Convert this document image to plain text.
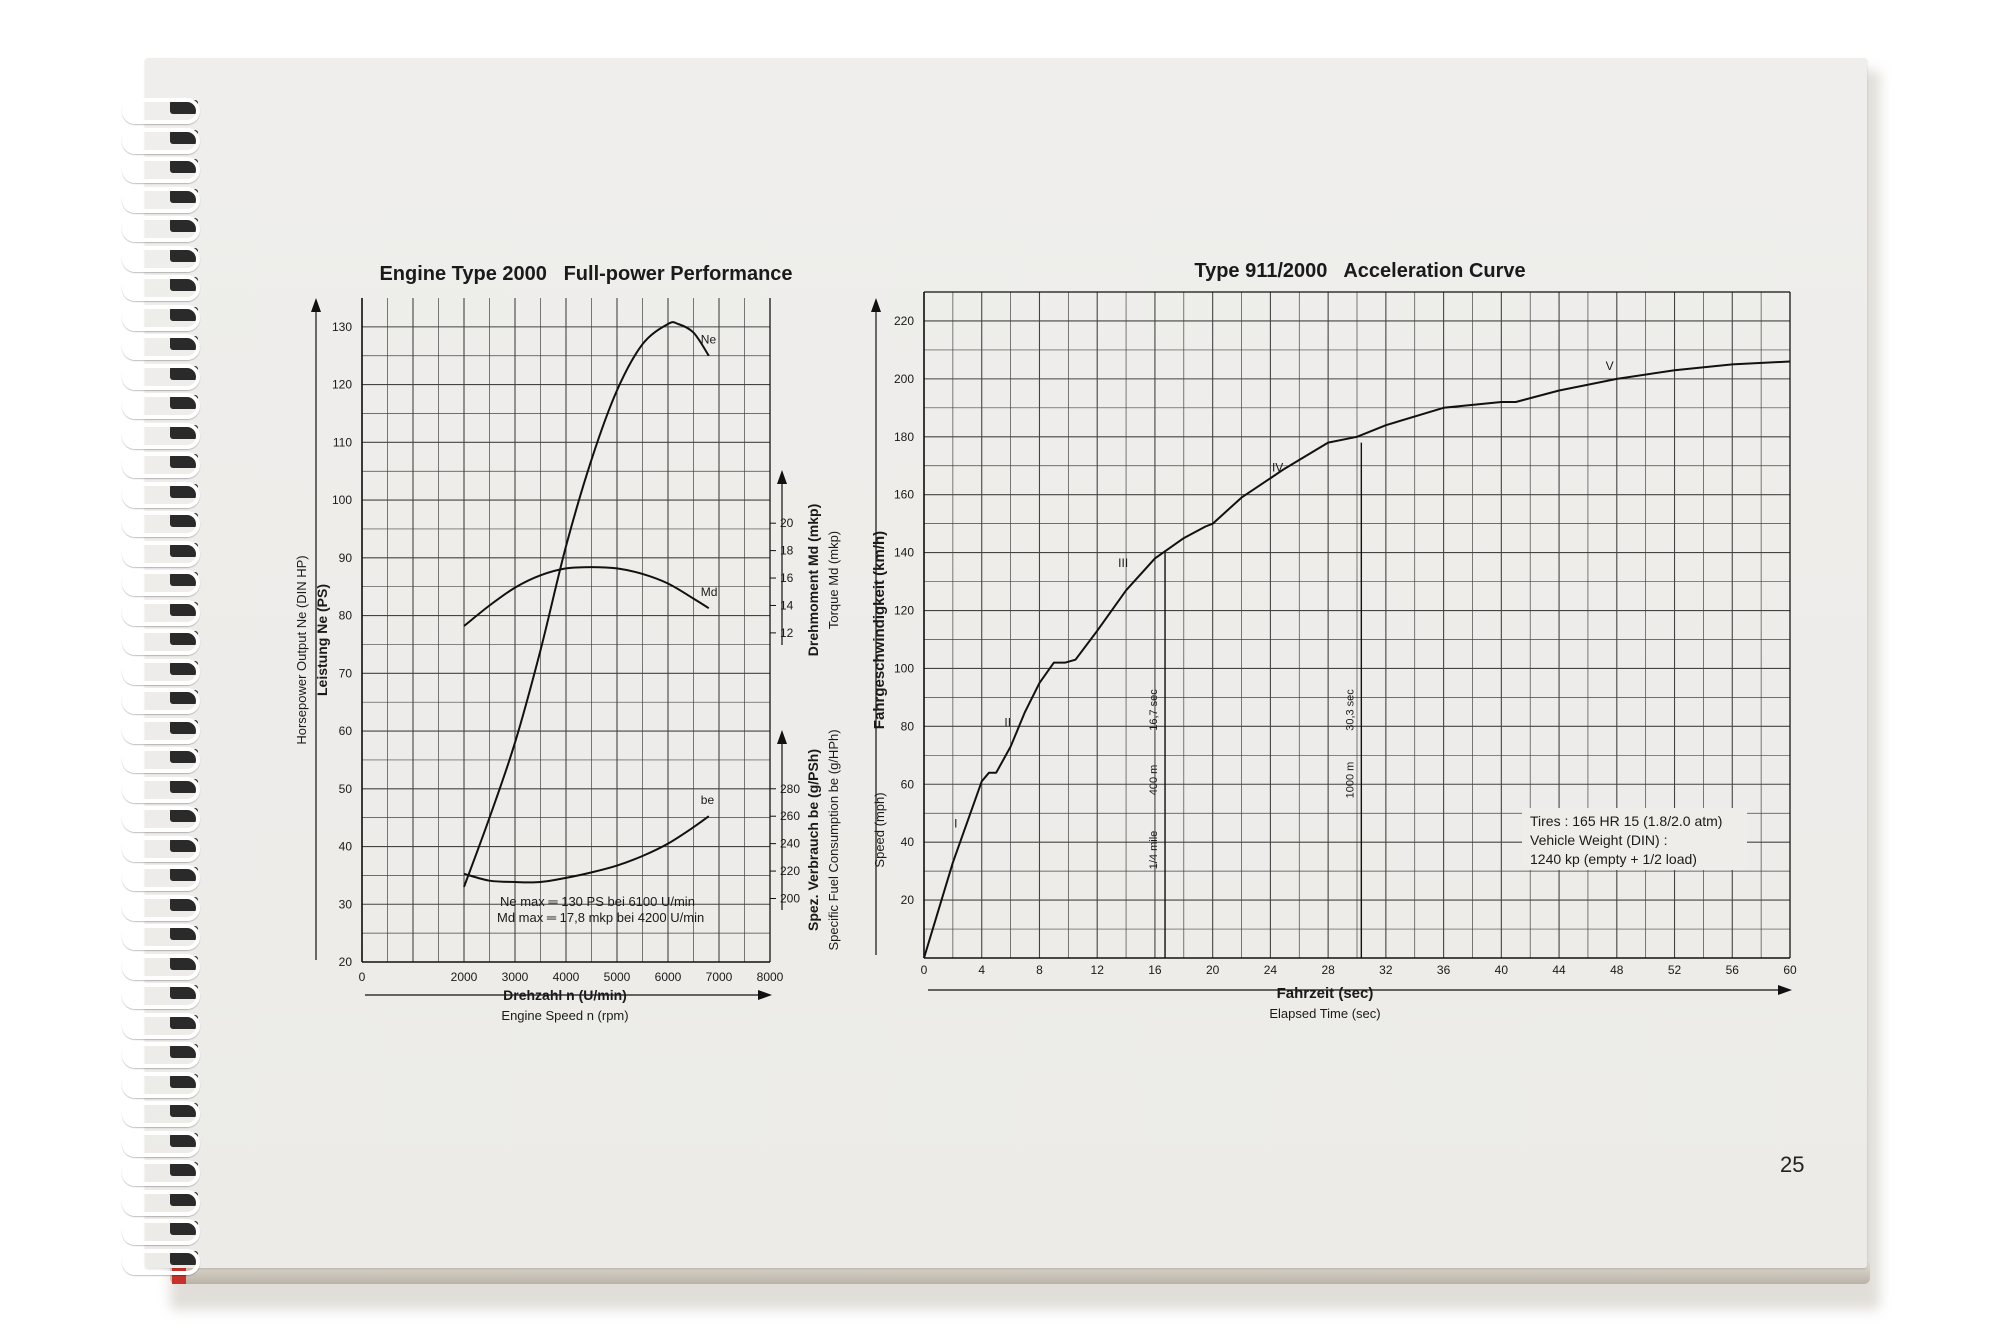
Engine Type 2000   Full-power Performance
0	2000 3000 4000 5000 6000 7000 8000
20
30
40
50
60
70
80
90
100
110
120
130
12
14
16
18
20
200
220
240
260
280
Ne
Md
be
Drehzahl n (U/min)
Engine Speed n (rpm)
Leistung Ne (PS)
Horsepower Output Ne (DIN HP)	Drehmoment Md (mkp) Torque Md (mkp)
Spez. Verbrauch be (g/PSh) Specific Fuel Consumption be (g/HPh)
Ne max ═ 130 PS bei 6100 U/min
Md max ═ 17,8 mkp bei 4200 U/min
Type 911/2000   Acceleration Curve
0	4	8	12	16	20	24	28	32	36	40	44	48	52	56	60
20
40
60
80
100
120
140
160
180
200
220
I
II
III
IV
V
16,7 sec
400 m
1/4 mile
30,3 sec
1000 m
Fahrzeit (sec)
Elapsed Time (sec)
Fahrgeschwindigkeit (km/h)
Speed (mph)	Tires : 165 HR 15 (1.8/2.0 atm)
Vehicle Weight (DIN) :
1240 kp (empty + 1/2 load)
25
